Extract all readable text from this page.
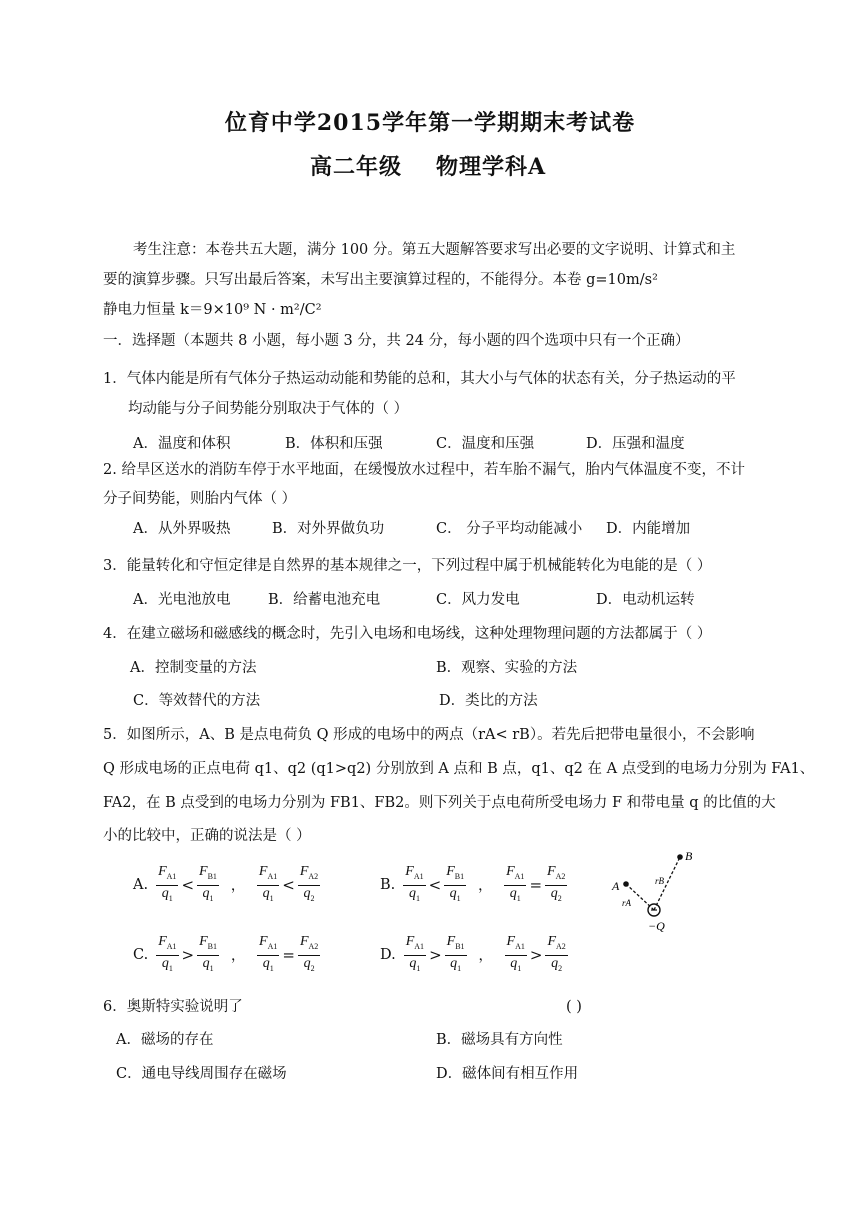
位育中学2015学年第一学期期末考试卷
高二年级 物理学科A
考生注意：本卷共五大题，满分 100 分。第五大题解答要求写出必要的文字说明、计算式和主
要的演算步骤。只写出最后答案，未写出主要演算过程的，不能得分。本卷 g=10m/s²
静电力恒量 k＝9×10⁹ N · m²/C²
一．选择题（本题共 8 小题，每小题 3 分，共 24 分，每小题的四个选项中只有一个正确）
1．气体内能是所有气体分子热运动动能和势能的总和，其大小与气体的状态有关，分子热运动的平
均动能与分子间势能分别取决于气体的（ ）
A．温度和体积	B．体积和压强	C．温度和压强	D．压强和温度
2. 给旱区送水的消防车停于水平地面，在缓慢放水过程中，若车胎不漏气，胎内气体温度不变，不计
分子间势能，则胎内气体（ ）
A．从外界吸热	B．对外界做负功	C． 分子平均动能减小 D．内能增加
3．能量转化和守恒定律是自然界的基本规律之一，下列过程中属于机械能转化为电能的是（ ）
A．光电池放电	B．给蓄电池充电	C．风力发电	D．电动机运转
4．在建立磁场和磁感线的概念时，先引入电场和电场线，这种处理物理问题的方法都属于（ ）
A．控制变量的方法	B．观察、实验的方法
C．等效替代的方法	D．类比的方法
5．如图所示，A、B 是点电荷负 Q 形成的电场中的两点（rA< rB）。若先后把带电量很小，不会影响
Q 形成电场的正点电荷 q1、q2 (q1>q2) 分别放到 A 点和 B 点，q1、q2 在 A 点受到的电场力分别为 FA1、
FA2，在 B 点受到的电场力分别为 FB1、FB2。则下列关于点电荷所受电场力 F 和带电量 q 的比值的大
小的比较中，正确的说法是（ ）
A. $\frac{F_{A1}}{q_1} < \frac{F_{B1}}{q_1}$ ， $\frac{F_{A1}}{q_1} < \frac{F_{A2}}{q_2}$	B. $\frac{F_{A1}}{q_1} < \frac{F_{B1}}{q_1}$ ， $\frac{F_{A1}}{q_1} = \frac{F_{A2}}{q_2}$
C. $\frac{F_{A1}}{q_1} > \frac{F_{B1}}{q_1}$ ， $\frac{F_{A1}}{q_1} = \frac{F_{A2}}{q_2}$	D. $\frac{F_{A1}}{q_1} > \frac{F_{B1}}{q_1}$ ， $\frac{F_{A1}}{q_1} > \frac{F_{A2}}{q_2}$
A
B
−Q
rA
rB
6．奥斯特实验说明了	( )
A．磁场的存在	B．磁场具有方向性
C．通电导线周围存在磁场	D．磁体间有相互作用
